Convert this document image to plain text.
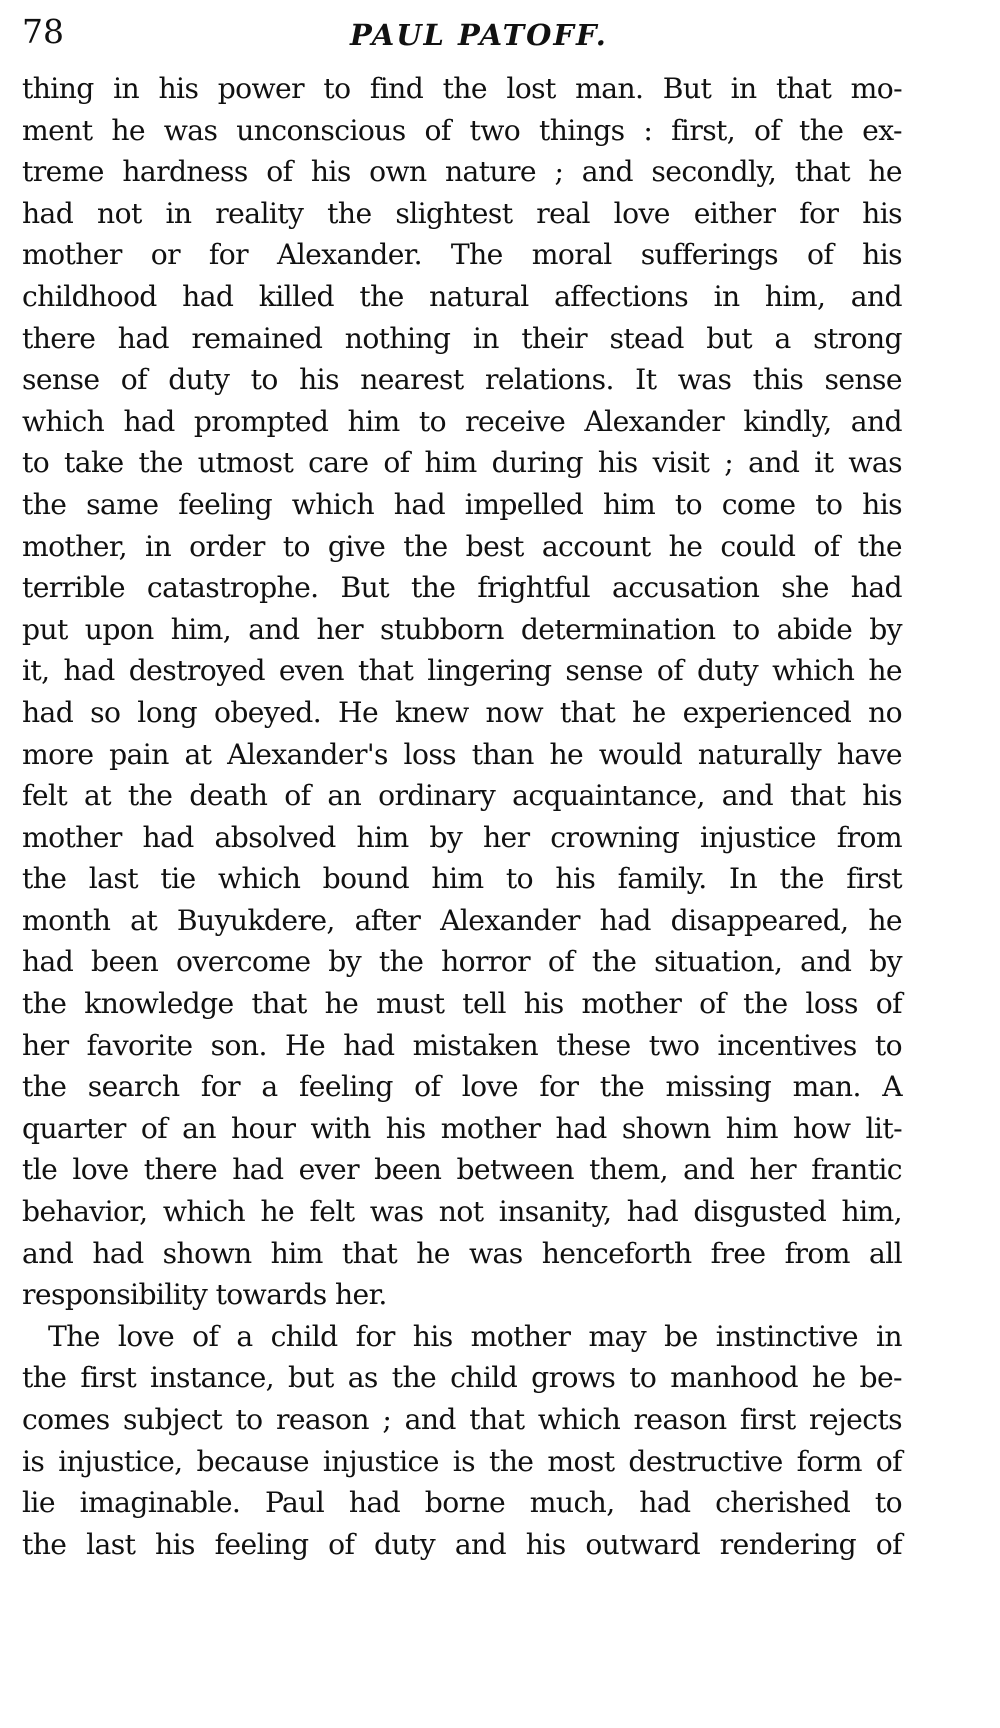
78	PAUL PATOFF.
thing in his power to find the lost man. But in that mo-
ment he was unconscious of two things : first, of the ex-
treme hardness of his own nature ; and secondly, that he
had not in reality the slightest real love either for his
mother or for Alexander. The moral sufferings of his
childhood had killed the natural affections in him, and
there had remained nothing in their stead but a strong
sense of duty to his nearest relations. It was this sense
which had prompted him to receive Alexander kindly, and
to take the utmost care of him during his visit ; and it was
the same feeling which had impelled him to come to his
mother, in order to give the best account he could of the
terrible catastrophe. But the frightful accusation she had
put upon him, and her stubborn determination to abide by
it, had destroyed even that lingering sense of duty which he
had so long obeyed. He knew now that he experienced no
more pain at Alexander's loss than he would naturally have
felt at the death of an ordinary acquaintance, and that his
mother had absolved him by her crowning injustice from
the last tie which bound him to his family. In the first
month at Buyukdere, after Alexander had disappeared, he
had been overcome by the horror of the situation, and by
the knowledge that he must tell his mother of the loss of
her favorite son. He had mistaken these two incentives to
the search for a feeling of love for the missing man. A
quarter of an hour with his mother had shown him how lit-
tle love there had ever been between them, and her frantic
behavior, which he felt was not insanity, had disgusted him,
and had shown him that he was henceforth free from all
responsibility towards her.
The love of a child for his mother may be instinctive in
the first instance, but as the child grows to manhood he be-
comes subject to reason ; and that which reason first rejects
is injustice, because injustice is the most destructive form of
lie imaginable. Paul had borne much, had cherished to
the last his feeling of duty and his outward rendering of
